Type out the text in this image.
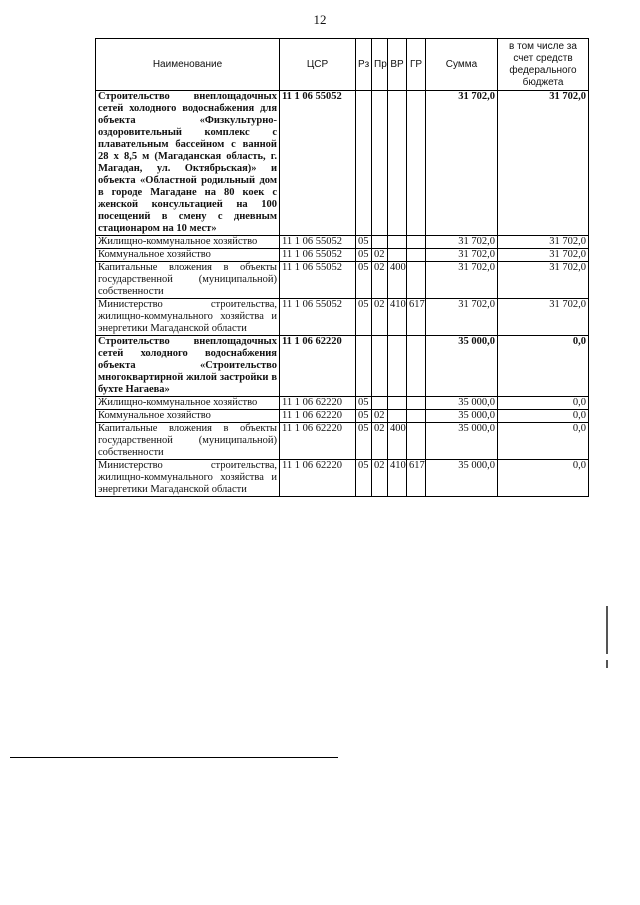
12
Наименование	ЦСР	Рз	Пр	ВР	ГР	Сумма	в том числе за счет средств федерального бюджета
Строительство внеплощадочных сетей холодного водоснабжения для объекта «Физкультурно-оздоровительный комплекс с плавательным бассейном с ванной 28 х 8,5 м (Магаданская область, г. Магадан, ул. Октябрьская)» и объекта «Областной родильный дом в городе Магадане на 80 коек с женской консультацией на 100 посещений в смену с дневным стационаром на 10 мест»	11 1 06 55052					31 702,0	31 702,0
Жилищно-коммунальное хозяйство	11 1 06 55052	05				31 702,0	31 702,0
Коммунальное хозяйство	11 1 06 55052	05	02			31 702,0	31 702,0
Капитальные вложения в объекты государственной (муниципальной) собственности	11 1 06 55052	05	02	400		31 702,0	31 702,0
Министерство строительства, жилищно-коммунального хозяйства и энергетики Магаданской области	11 1 06 55052	05	02	410	617	31 702,0	31 702,0
Строительство внеплощадочных сетей холодного водоснабжения объекта «Строительство многоквартирной жилой застройки в бухте Нагаева»	11 1 06 62220					35 000,0	0,0
Жилищно-коммунальное хозяйство	11 1 06 62220	05				35 000,0	0,0
Коммунальное хозяйство	11 1 06 62220	05	02			35 000,0	0,0
Капитальные вложения в объекты государственной (муниципальной) собственности	11 1 06 62220	05	02	400		35 000,0	0,0
Министерство строительства, жилищно-коммунального хозяйства и энергетики Магаданской области	11 1 06 62220	05	02	410	617	35 000,0	0,0
